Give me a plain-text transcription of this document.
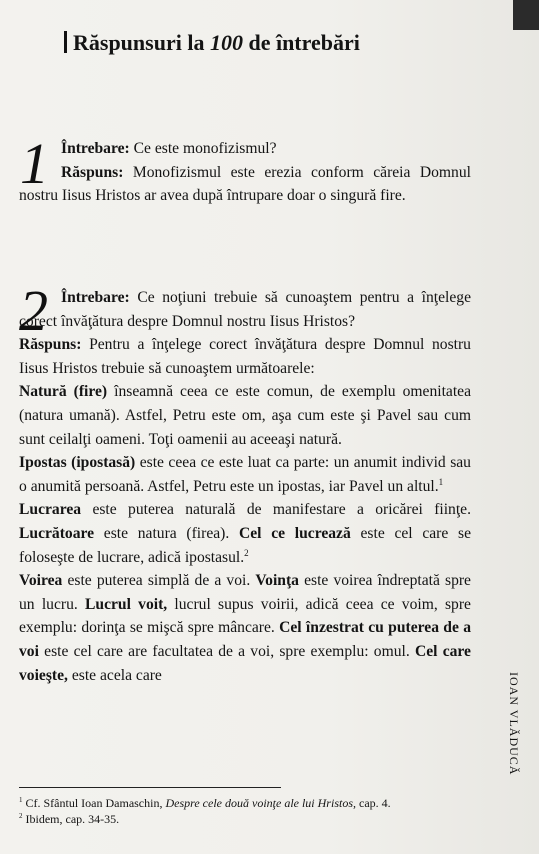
Răspunsuri la 100 de întrebări
1 Întrebare: Ce este monofizismul?

Răspuns: Monofizismul este erezia conform căreia Domnul nostru Iisus Hristos ar avea după întrupare doar o singură fire.

2 Întrebare: Ce noţiuni trebuie să cunoaştem pentru a înţelege corect învăţătura despre Domnul nostru Iisus Hristos?

Răspuns: Pentru a înţelege corect învăţătura despre Domnul nostru Iisus Hristos trebuie să cunoaştem următoarele:

Natură (fire) înseamnă ceea ce este comun, de exemplu omenitatea (natura umană). Astfel, Petru este om, aşa cum este şi Pavel sau cum sunt ceilalţi oameni. Toţi oamenii au aceeaşi natură.

Ipostas (ipostasă) este ceea ce este luat ca parte: un anumit individ sau o anumită persoană. Astfel, Petru este un ipostas, iar Pavel un altul.$^1$

Lucrarea este puterea naturală de manifestare a oricărei fiinţe. Lucrătoare este natura (firea). Cel ce lucrează este cel care se foloseşte de lucrare, adică ipostasul.$^2$

Voirea este puterea simplă de a voi. Voinţa este voirea îndreptată spre un lucru. Lucrul voit, lucrul supus voirii, adică ceea ce voim, spre exemplu: dorinţa se mişcă spre mâncare. Cel înzestrat cu puterea de a voi este cel care are facultatea de a voi, spre exemplu: omul. Cel care voieşte, este acela care

$^1$ Cf. Sfântul Ioan Damaschin, Despre cele două voinţe ale lui Hristos, cap. 4.

$^2$ Ibidem, cap. 34-35.

IOAN VLĂDUCĂ
